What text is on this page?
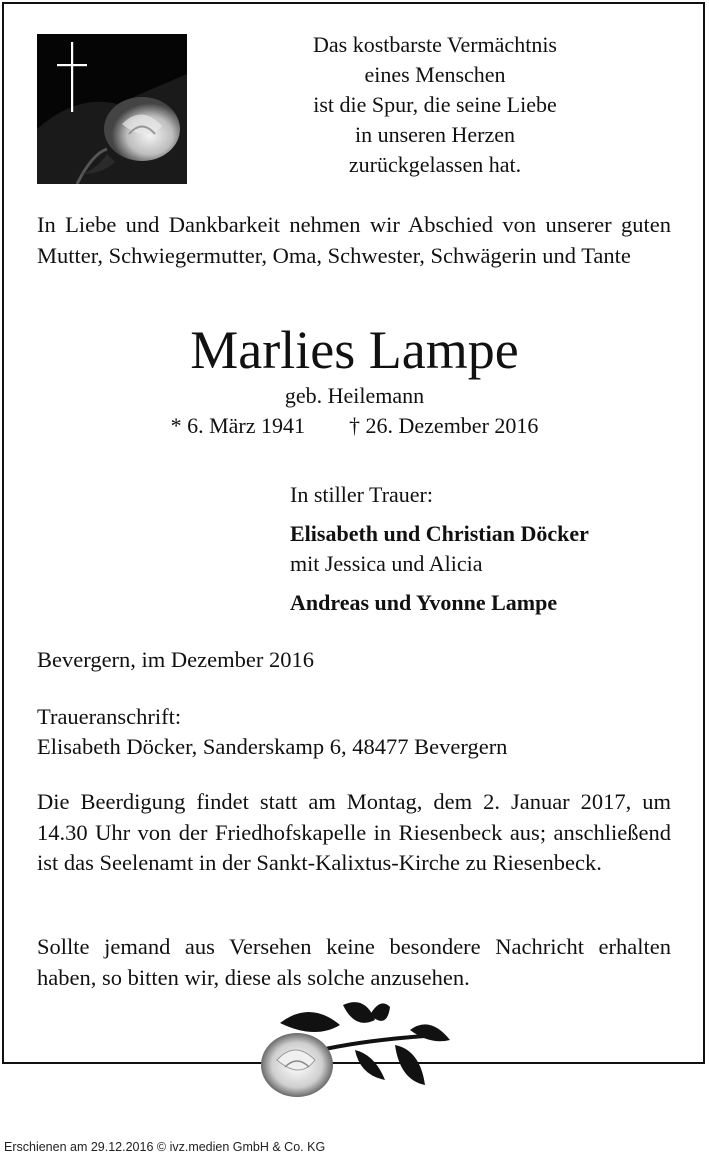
Das kostbarste Vermächtnis
eines Menschen
ist die Spur, die seine Liebe
in unseren Herzen
zurückgelassen hat.
In Liebe und Dankbarkeit nehmen wir Abschied von unserer guten Mutter, Schwiegermutter, Oma, Schwester, Schwägerin und Tante
Marlies Lampe
geb. Heilemann
* 6. März 1941 † 26. Dezember 2016
In stiller Trauer:
Elisabeth und Christian Döcker
mit Jessica und Alicia
Andreas und Yvonne Lampe
Bevergern, im Dezember 2016
Traueranschrift:
Elisabeth Döcker, Sanderskamp 6, 48477 Bevergern
Die Beerdigung findet statt am Montag, dem 2. Januar 2017, um 14.30 Uhr von der Friedhofskapelle in Riesenbeck aus; anschließend ist das Seelenamt in der Sankt-Kalixtus-Kirche zu Riesenbeck.
Sollte jemand aus Versehen keine besondere Nachricht erhalten haben, so bitten wir, diese als solche anzusehen.
Erschienen am 29.12.2016 © ivz.medien GmbH & Co. KG
